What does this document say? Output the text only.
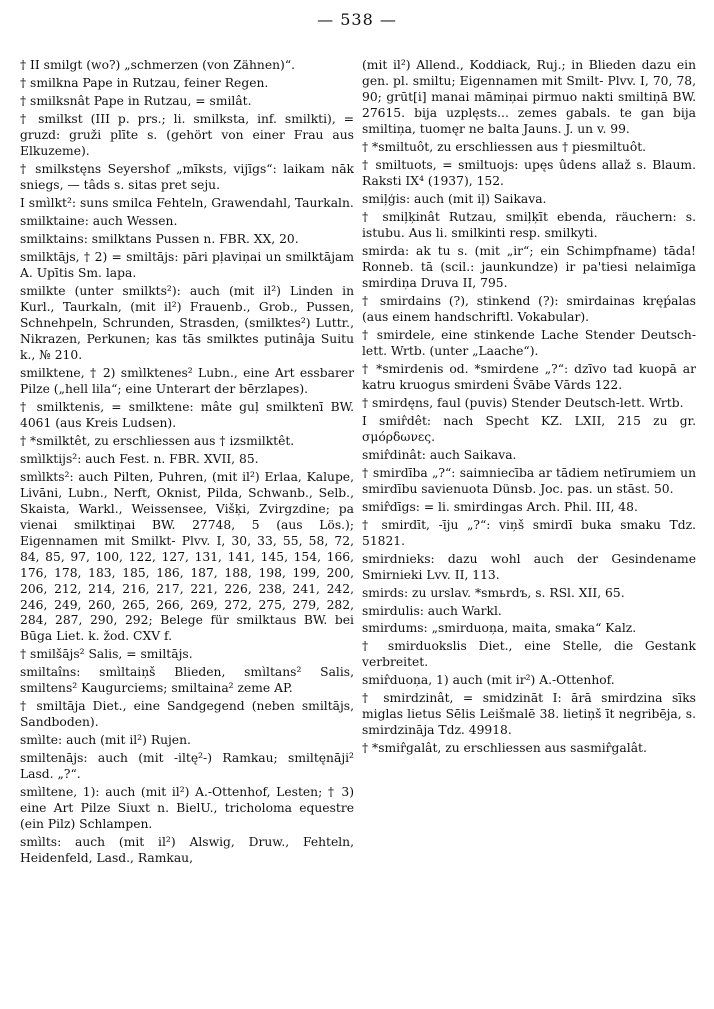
— 538 —

† II smilgt (wo?) „schmerzen (von Zähnen)“.

† smilkna Pape in Rutzau, feiner Regen.

† smilksnât Pape in Rutzau, = smilât.

† smilkst (III p. prs.; li. smilksta, inf. smilkti), = gruzd: gruži plīte s. (gehört von einer Frau aus Elkuzeme).

† smilkstęns Seyershof „mīksts, vijīgs“: laikam nāk sniegs, — tâds s. sitas pret seju.

I smìlkt²: suns smilca Fehteln, Grawendahl, Taurkaln.

smilktaine: auch Wessen.

smilktains: smilktans Pussen n. FBR. XX, 20.

smilktājs, † 2) = smiltājs: pāri pļaviņai un smilktājam A. Upītis Sm. lapa.

smilkte (unter smilkts²): auch (mit il²) Linden in Kurl., Taurkaln, (mit il²) Frauenb., Grob., Pussen, Schnehpeln, Schrunden, Strasden, (smilktes²) Luttr., Nikrazen, Perkunen; kas tās smilktes putinâja Suitu k., № 210.

smilktene, † 2) smìlktenes² Lubn., eine Art essbarer Pilze („hell lila“; eine Unterart der bērzlapes).

† smilktenis, = smilktene: mâte guļ smilktenī BW. 4061 (aus Kreis Ludsen).

† *smilktêt, zu erschliessen aus † izsmilktêt.

smìlktijs²: auch Fest. n. FBR. XVII, 85.

smìlkts²: auch Pilten, Puhren, (mit il²) Erlaa, Kalupe, Livāni, Lubn., Nerft, Oknist, Pilda, Schwanb., Selb., Skaista, Warkl., Weissensee, Višķi, Zvirgzdine; pa vienai smilktiņai BW. 27748, 5 (aus Lös.); Eigennamen mit Smilkt- Plvv. I, 30, 33, 55, 58, 72, 84, 85, 97, 100, 122, 127, 131, 141, 145, 154, 166, 176, 178, 183, 185, 186, 187, 188, 198, 199, 200, 206, 212, 214, 216, 217, 221, 226, 238, 241, 242, 246, 249, 260, 265, 266, 269, 272, 275, 279, 282, 284, 287, 290, 292; Belege für smilktaus BW. bei Būga Liet. k. žod. CXV f.

† smilšājs² Salis, = smiltājs.

smiltaîns: smìltaiņš Blieden, smìltans² Salis, smiltens² Kaugurciems; smiltaina² zeme AP.

† smiltāja Diet., eine Sandgegend (neben smiltājs, Sandboden).

smìlte: auch (mit il²) Rujen.

smiltenājs: auch (mit -iltę²-) Ramkau; smiltęnāji² Lasd. „?“.

smìltene, 1): auch (mit il²) A.-Ottenhof, Lesten; † 3) eine Art Pilze Siuxt n. BielU., tricholoma equestre (ein Pilz) Schlampen.

smìlts: auch (mit il²) Alswig, Druw., Fehteln, Heidenfeld, Lasd., Ramkau,

(mit il²) Allend., Koddiack, Ruj.; in Blieden dazu ein gen. pl. smiltu; Eigennamen mit Smilt- Plvv. I, 70, 78, 90; grūt[i] manai māmiņai pirmuo nakti smiltiņā BW. 27615. bija uzplęsts... zemes gabals. te gan bija smiltiņa, tuomęr ne balta Jauns. J. un v. 99.

† *smiltuôt, zu erschliessen aus † piesmiltuôt.

† smiltuots, = smiltuojs: upęs ûdens allaž s. Blaum. Raksti IX⁴ (1937), 152.

smiļģis: auch (mit iļ) Saikava.

† smiļķinât Rutzau, smiļķīt ebenda, räuchern: s. istubu. Aus li. smilkinti resp. smilkyti.

smirda: ak tu s. (mit „ir“; ein Schimpfname) tāda! Ronneb. tā (scil.: jaunkundze) ir pa'tiesi nelaimīga smirdiņa Druva II, 795.

† smirdains (?), stinkend (?): smirdainas kręṕalas (aus einem handschriftl. Vokabular).

† smirdele, eine stinkende Lache Stender Deutsch-lett. Wrtb. (unter „Laache“).

† *smirdenis od. *smirdene „?“: dzīvo tad kuopā ar katru kruogus smirdeni Švābe Vārds 122.

† smirdęns, faul (puvis) Stender Deutsch-lett. Wrtb.

I smir̂dêt: nach Specht KZ. LXII, 215 zu gr. σμόρδωνες.

smir̂dinât: auch Saikava.

† smirdība „?“: saimniecība ar tādiem netīrumiem un smirdību savienuota Dünsb. Joc. pas. un stāst. 50.

smir̂dīgs: = li. smirdingas Arch. Phil. III, 48.

† smirdīt, -īju „?“: viņš smirdī buka smaku Tdz. 51821.

smirdnieks: dazu wohl auch der Gesindename Smirnieki Lvv. II, 113.

smirds: zu urslav. *smьrdъ, s. RSl. XII, 65.

smirdulis: auch Warkl.

smirdums: „smirduoņa, maita, smaka“ Kalz.

† smirduokslis Diet., eine Stelle, die Gestank verbreitet.

smir̂duoņa, 1) auch (mit ir²) A.-Ottenhof.

† smirdzinât, = smidzināt I: ārā smirdzina sīks miglas lietus Sēlis Leišmalē 38. lietiņš īt negribēja, s. smirdzināja Tdz. 49918.

† *smir̂galât, zu erschliessen aus sasmir̂galât.
